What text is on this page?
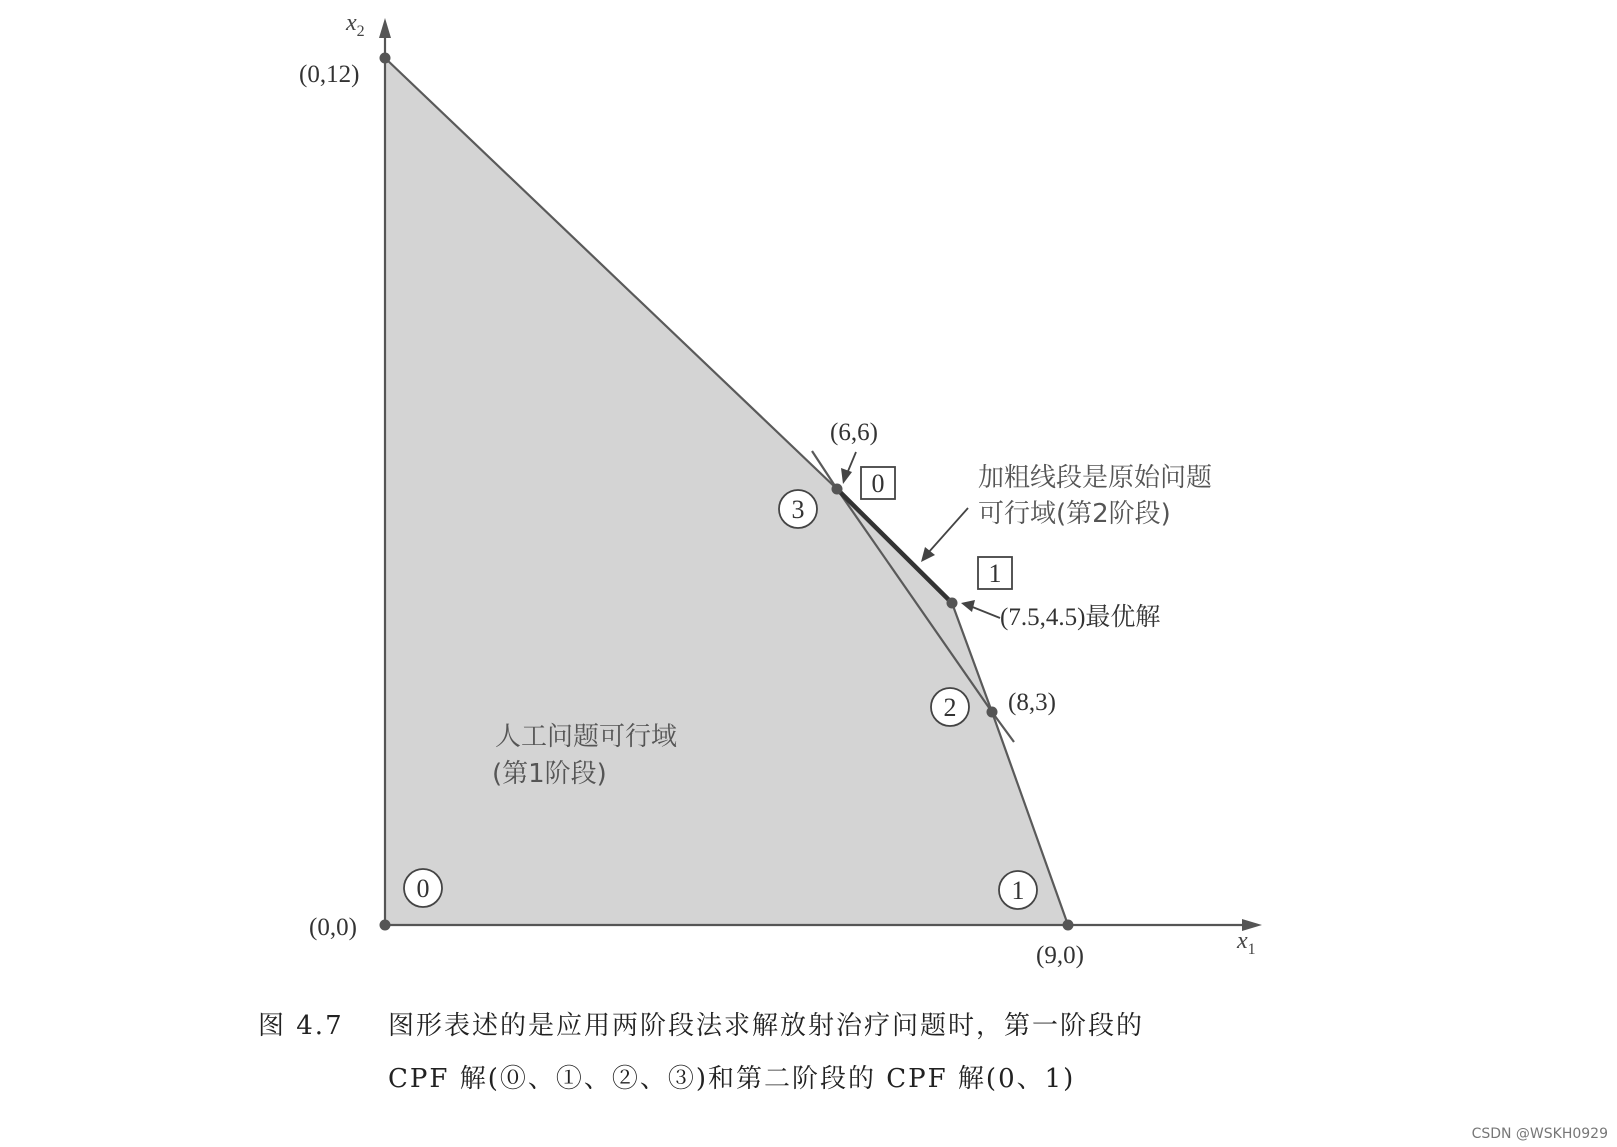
$x_2$
$x_1$
(0,12)
(0,0)
(9,0)
(6,6)
(8,3)
(7.5,4.5)最优解
0	1
2
3
0
1
人工问题可行域
(第1阶段)
加粗线段是原始问题
可行域(第2阶段)
图 4.7 图形表述的是应用两阶段法求解放射治疗问题时，第一阶段的
CPF 解(⓪、①、②、③)和第二阶段的 CPF 解(0、1)
CSDN @WSKH0929
